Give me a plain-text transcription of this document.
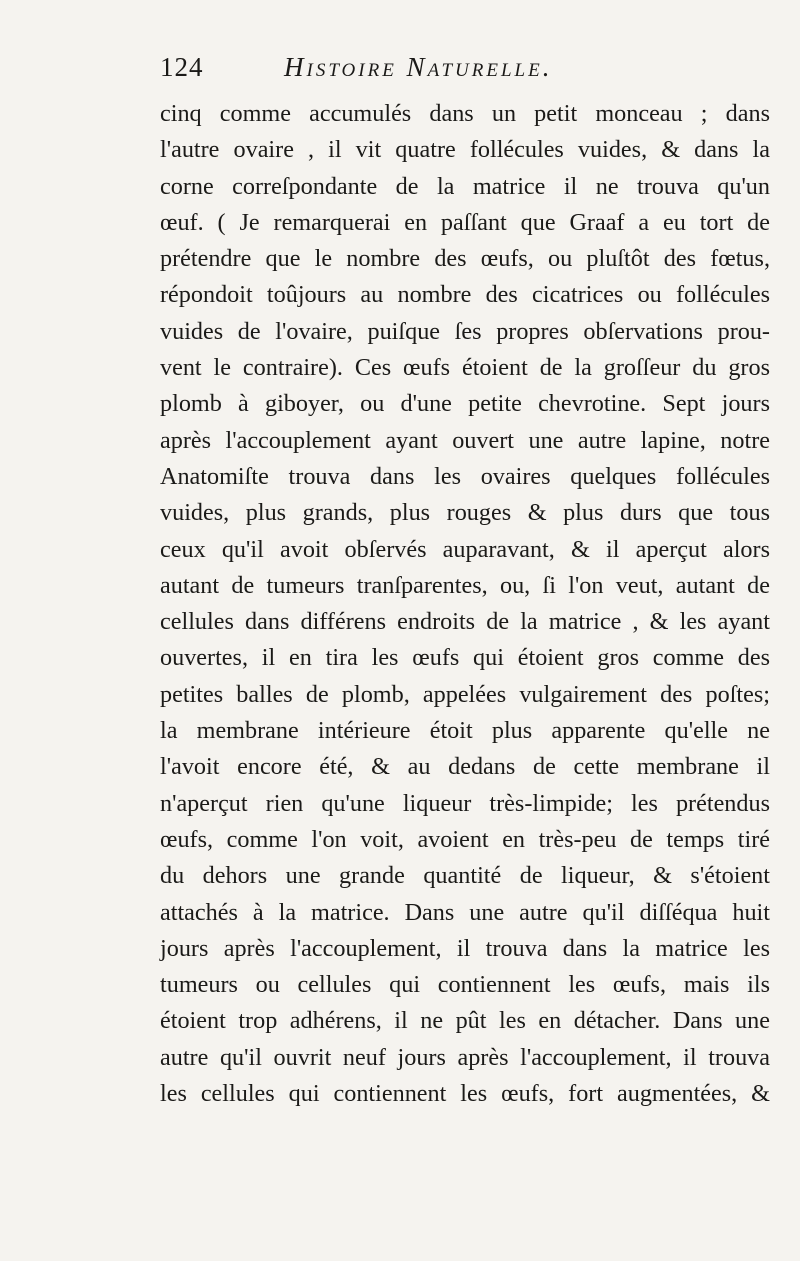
124	Histoire Naturelle.
cinq comme accumulés dans un petit monceau ; dans
l'autre ovaire , il vit quatre follécules vuides, & dans la
corne correſpondante de la matrice il ne trouva qu'un
œuf. ( Je remarquerai en paſſant que Graaf a eu tort de
prétendre que le nombre des œufs, ou pluſtôt des fœtus,
répondoit toûjours au nombre des cicatrices ou follécules
vuides de l'ovaire, puiſque ſes propres obſervations prou-
vent le contraire). Ces œufs étoient de la groſſeur du gros
plomb à giboyer, ou d'une petite chevrotine. Sept jours
après l'accouplement ayant ouvert une autre lapine, notre
Anatomiſte trouva dans les ovaires quelques follécules
vuides, plus grands, plus rouges & plus durs que tous
ceux qu'il avoit obſervés auparavant, & il aperçut alors
autant de tumeurs tranſparentes, ou, ſi l'on veut, autant de
cellules dans différens endroits de la matrice , & les ayant
ouvertes, il en tira les œufs qui étoient gros comme des
petites balles de plomb, appelées vulgairement des poſtes;
la membrane intérieure étoit plus apparente qu'elle ne
l'avoit encore été, & au dedans de cette membrane il
n'aperçut rien qu'une liqueur très-limpide; les prétendus
œufs, comme l'on voit, avoient en très-peu de temps tiré
du dehors une grande quantité de liqueur, & s'étoient
attachés à la matrice. Dans une autre qu'il diſſéqua huit
jours après l'accouplement, il trouva dans la matrice les
tumeurs ou cellules qui contiennent les œufs, mais ils
étoient trop adhérens, il ne pût les en détacher. Dans une
autre qu'il ouvrit neuf jours après l'accouplement, il trouva
les cellules qui contiennent les œufs, fort augmentées, &
